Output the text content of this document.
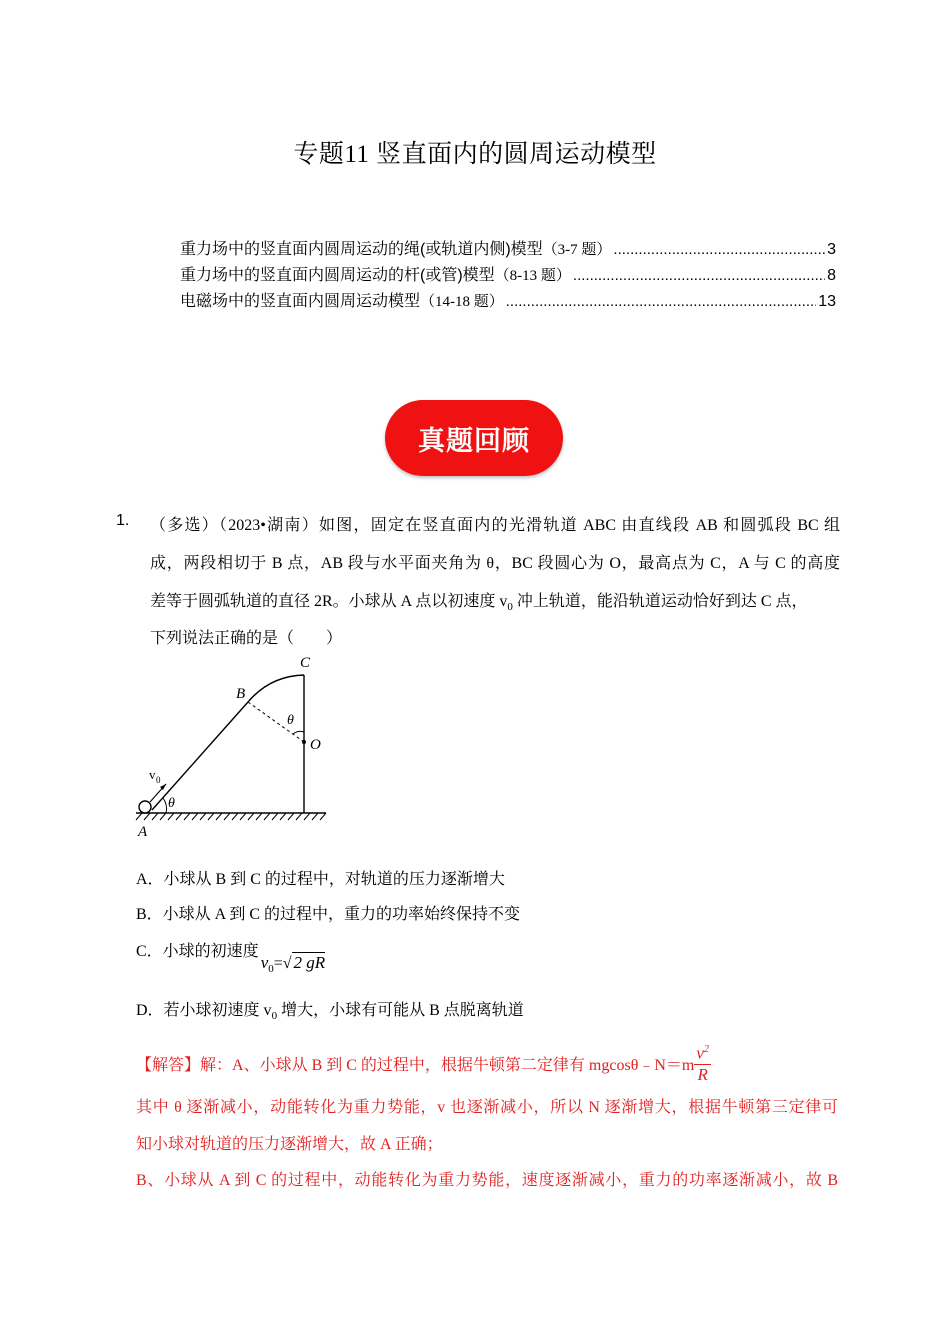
专题11 竖直面内的圆周运动模型
重力场中的竖直面内圆周运动的绳(或轨道内侧)模型 （3-7 题） .....	3
重力场中的竖直面内圆周运动的杆(或管)模型 （8-13 题） .....	8
电磁场中的竖直面内圆周运动模型 （14-18 题） .....	13
真题回顾
1. （多选）（2023•湖南）如图，固定在竖直面内的光滑轨道 ABC 由直线段 AB 和圆弧段 BC 组
成，两段相切于 B 点，AB 段与水平面夹角为 θ，BC 段圆心为 O，最高点为 C，A 与 C 的高度
差等于圆弧轨道的直径 2R。小球从 A 点以初速度 $v_0$ 冲上轨道，能沿轨道运动恰好到达 C 点，
下列说法正确的是（　　）
C
B
O
A
θ
θ
v 0
A．小球从 B 到 C 的过程中，对轨道的压力逐渐增大
B．小球从 A 到 C 的过程中，重力的功率始终保持不变
C．小球的初速度$v_0=√$ 2 gR
D．若小球初速度 $v_0$ 增大，小球有可能从 B 点脱离轨道
【解答】解：A、小球从 B 到 C 的过程中，根据牛顿第二定律有 mgcosθ﹣N＝m $\frac{v^2}{R}$
其中 θ 逐渐减小，动能转化为重力势能，v 也逐渐减小，所以 N 逐渐增大，根据牛顿第三定律可
知小球对轨道的压力逐渐增大，故 A 正确；
B、小球从 A 到 C 的过程中，动能转化为重力势能，速度逐渐减小，重力的功率逐渐减小，故 B
